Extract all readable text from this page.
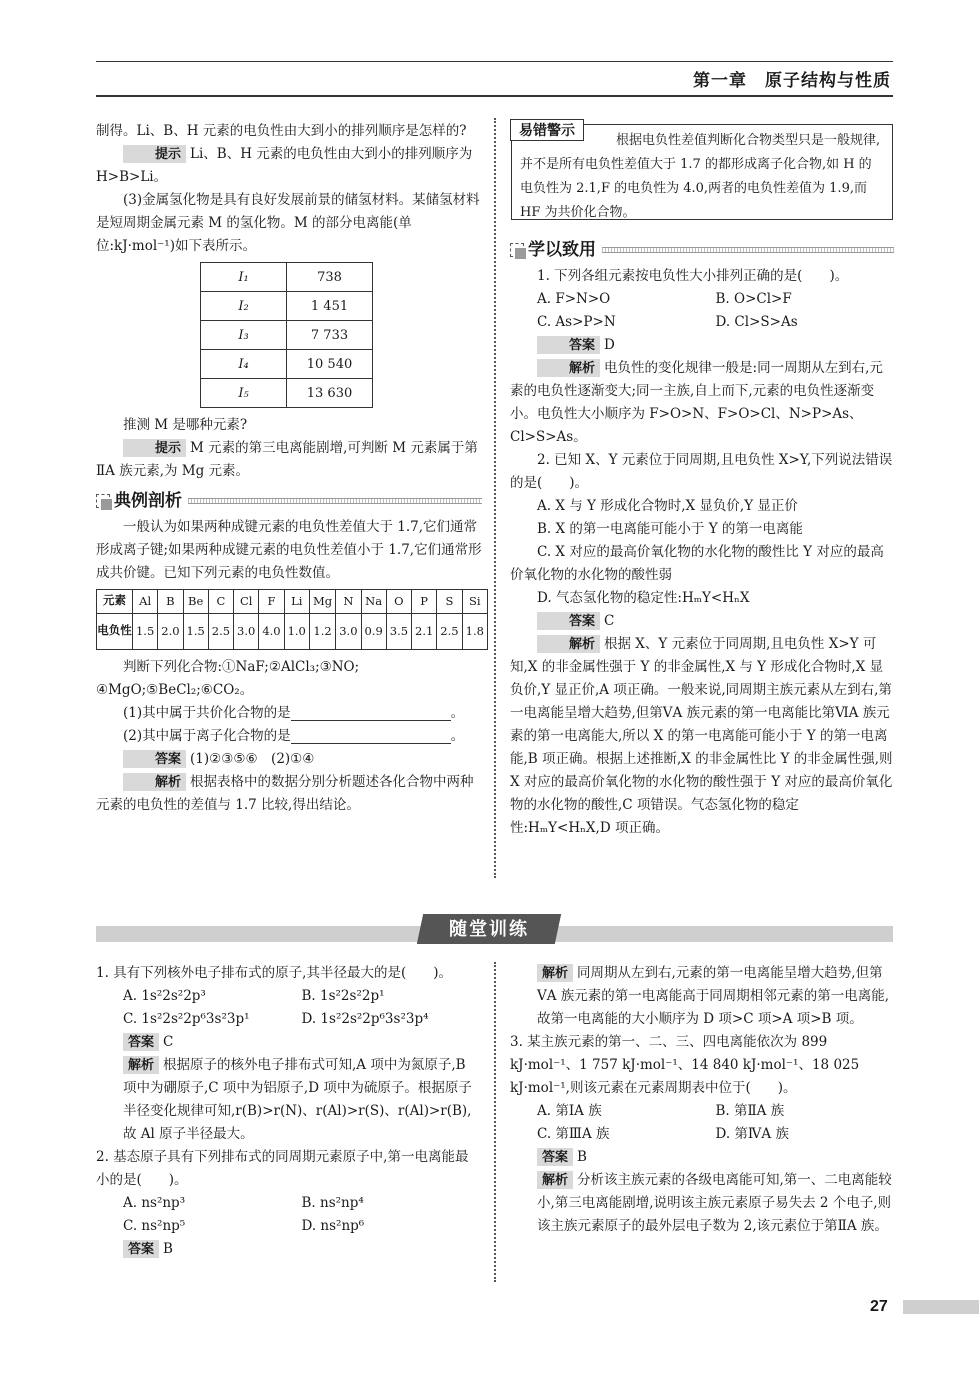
第一章　原子结构与性质

制得。Li、B、H 元素的电负性由大到小的排列顺序是怎样的?

提示 Li、B、H 元素的电负性由大到小的排列顺序为 H>B>Li。

(3)金属氢化物是具有良好发展前景的储氢材料。某储氢材料是短周期金属元素 M 的氢化物。M 的部分电离能(单位:kJ·mol⁻¹)如下表所示。

I₁	738
I₂	1 451
I₃	7 733
I₄	10 540
I₅	13 630

推测 M 是哪种元素?

提示 M 元素的第三电离能剧增,可判断 M 元素属于第ⅡA 族元素,为 Mg 元素。

典例剖析

一般认为如果两种成键元素的电负性差值大于 1.7,它们通常形成离子键;如果两种成键元素的电负性差值小于 1.7,它们通常形成共价键。已知下列元素的电负性数值。

元素	Al	B	Be	C	Cl	F	Li	Mg	N	Na	O	P	S	Si
电负性	1.5	2.0	1.5	2.5	3.0	4.0	1.0	1.2	3.0	0.9	3.5	2.1	2.5	1.8

判断下列化合物:①NaF;②AlCl₃;③NO;　④MgO;⑤BeCl₂;⑥CO₂。

(1)其中属于共价化合物的是	。

(2)其中属于离子化合物的是	。

答案 (1)②③⑤⑥　(2)①④

解析 根据表格中的数据分别分析题述各化合物中两种元素的电负性的差值与 1.7 比较,得出结论。

易错警示
根据电负性差值判断化合物类型只是一般规律,并不是所有电负性差值大于 1.7 的都形成离子化合物,如 H 的电负性为 2.1,F 的电负性为 4.0,两者的电负性差值为 1.9,而 HF 为共价化合物。
学以致用

1. 下列各组元素按电负性大小排列正确的是(　　)。

A. F>N>O	B. O>Cl>F
C. As>P>N	D. Cl>S>As

答案 D

解析 电负性的变化规律一般是:同一周期从左到右,元素的电负性逐渐变大;同一主族,自上而下,元素的电负性逐渐变小。电负性大小顺序为 F>O>N、F>O>Cl、N>P>As、Cl>S>As。

2. 已知 X、Y 元素位于同周期,且电负性 X>Y,下列说法错误的是(　　)。

A. X 与 Y 形成化合物时,X 显负价,Y 显正价

B. X 的第一电离能可能小于 Y 的第一电离能

C. X 对应的最高价氧化物的水化物的酸性比 Y 对应的最高价氧化物的水化物的酸性弱

D. 气态氢化物的稳定性:HₘY<HₙX

答案 C

解析 根据 X、Y 元素位于同周期,且电负性 X>Y 可知,X 的非金属性强于 Y 的非金属性,X 与 Y 形成化合物时,X 显负价,Y 显正价,A 项正确。一般来说,同周期主族元素从左到右,第一电离能呈增大趋势,但第ⅤA 族元素的第一电离能比第ⅥA 族元素的第一电离能大,所以 X 的第一电离能可能小于 Y 的第一电离能,B 项正确。根据上述推断,X 的非金属性比 Y 的非金属性强,则 X 对应的最高价氧化物的水化物的酸性强于 Y 对应的最高价氧化物的水化物的酸性,C 项错误。气态氢化物的稳定性:HₘY<HₙX,D 项正确。

随堂训练

1. 具有下列核外电子排布式的原子,其半径最大的是(　　)。

A. 1s²2s²2p³	B. 1s²2s²2p¹
C. 1s²2s²2p⁶3s²3p¹	D. 1s²2s²2p⁶3s²3p⁴

答案 C

解析 根据原子的核外电子排布式可知,A 项中为氮原子,B 项中为硼原子,C 项中为铝原子,D 项中为硫原子。根据原子半径变化规律可知,r(B)>r(N)、r(Al)>r(S)、r(Al)>r(B),故 Al 原子半径最大。

2. 基态原子具有下列排布式的同周期元素原子中,第一电离能最小的是(　　)。

A. ns²np³	B. ns²np⁴
C. ns²np⁵	D. ns²np⁶

答案 B

解析 同周期从左到右,元素的第一电离能呈增大趋势,但第ⅤA 族元素的第一电离能高于同周期相邻元素的第一电离能,故第一电离能的大小顺序为 D 项>C 项>A 项>B 项。

3. 某主族元素的第一、二、三、四电离能依次为 899 kJ·mol⁻¹、1 757 kJ·mol⁻¹、14 840 kJ·mol⁻¹、18 025 kJ·mol⁻¹,则该元素在元素周期表中位于(　　)。

A. 第ⅠA 族	B. 第ⅡA 族
C. 第ⅢA 族	D. 第ⅣA 族

答案 B

解析 分析该主族元素的各级电离能可知,第一、二电离能较小,第三电离能剧增,说明该主族元素原子易失去 2 个电子,则该主族元素原子的最外层电子数为 2,该元素位于第ⅡA 族。

27
